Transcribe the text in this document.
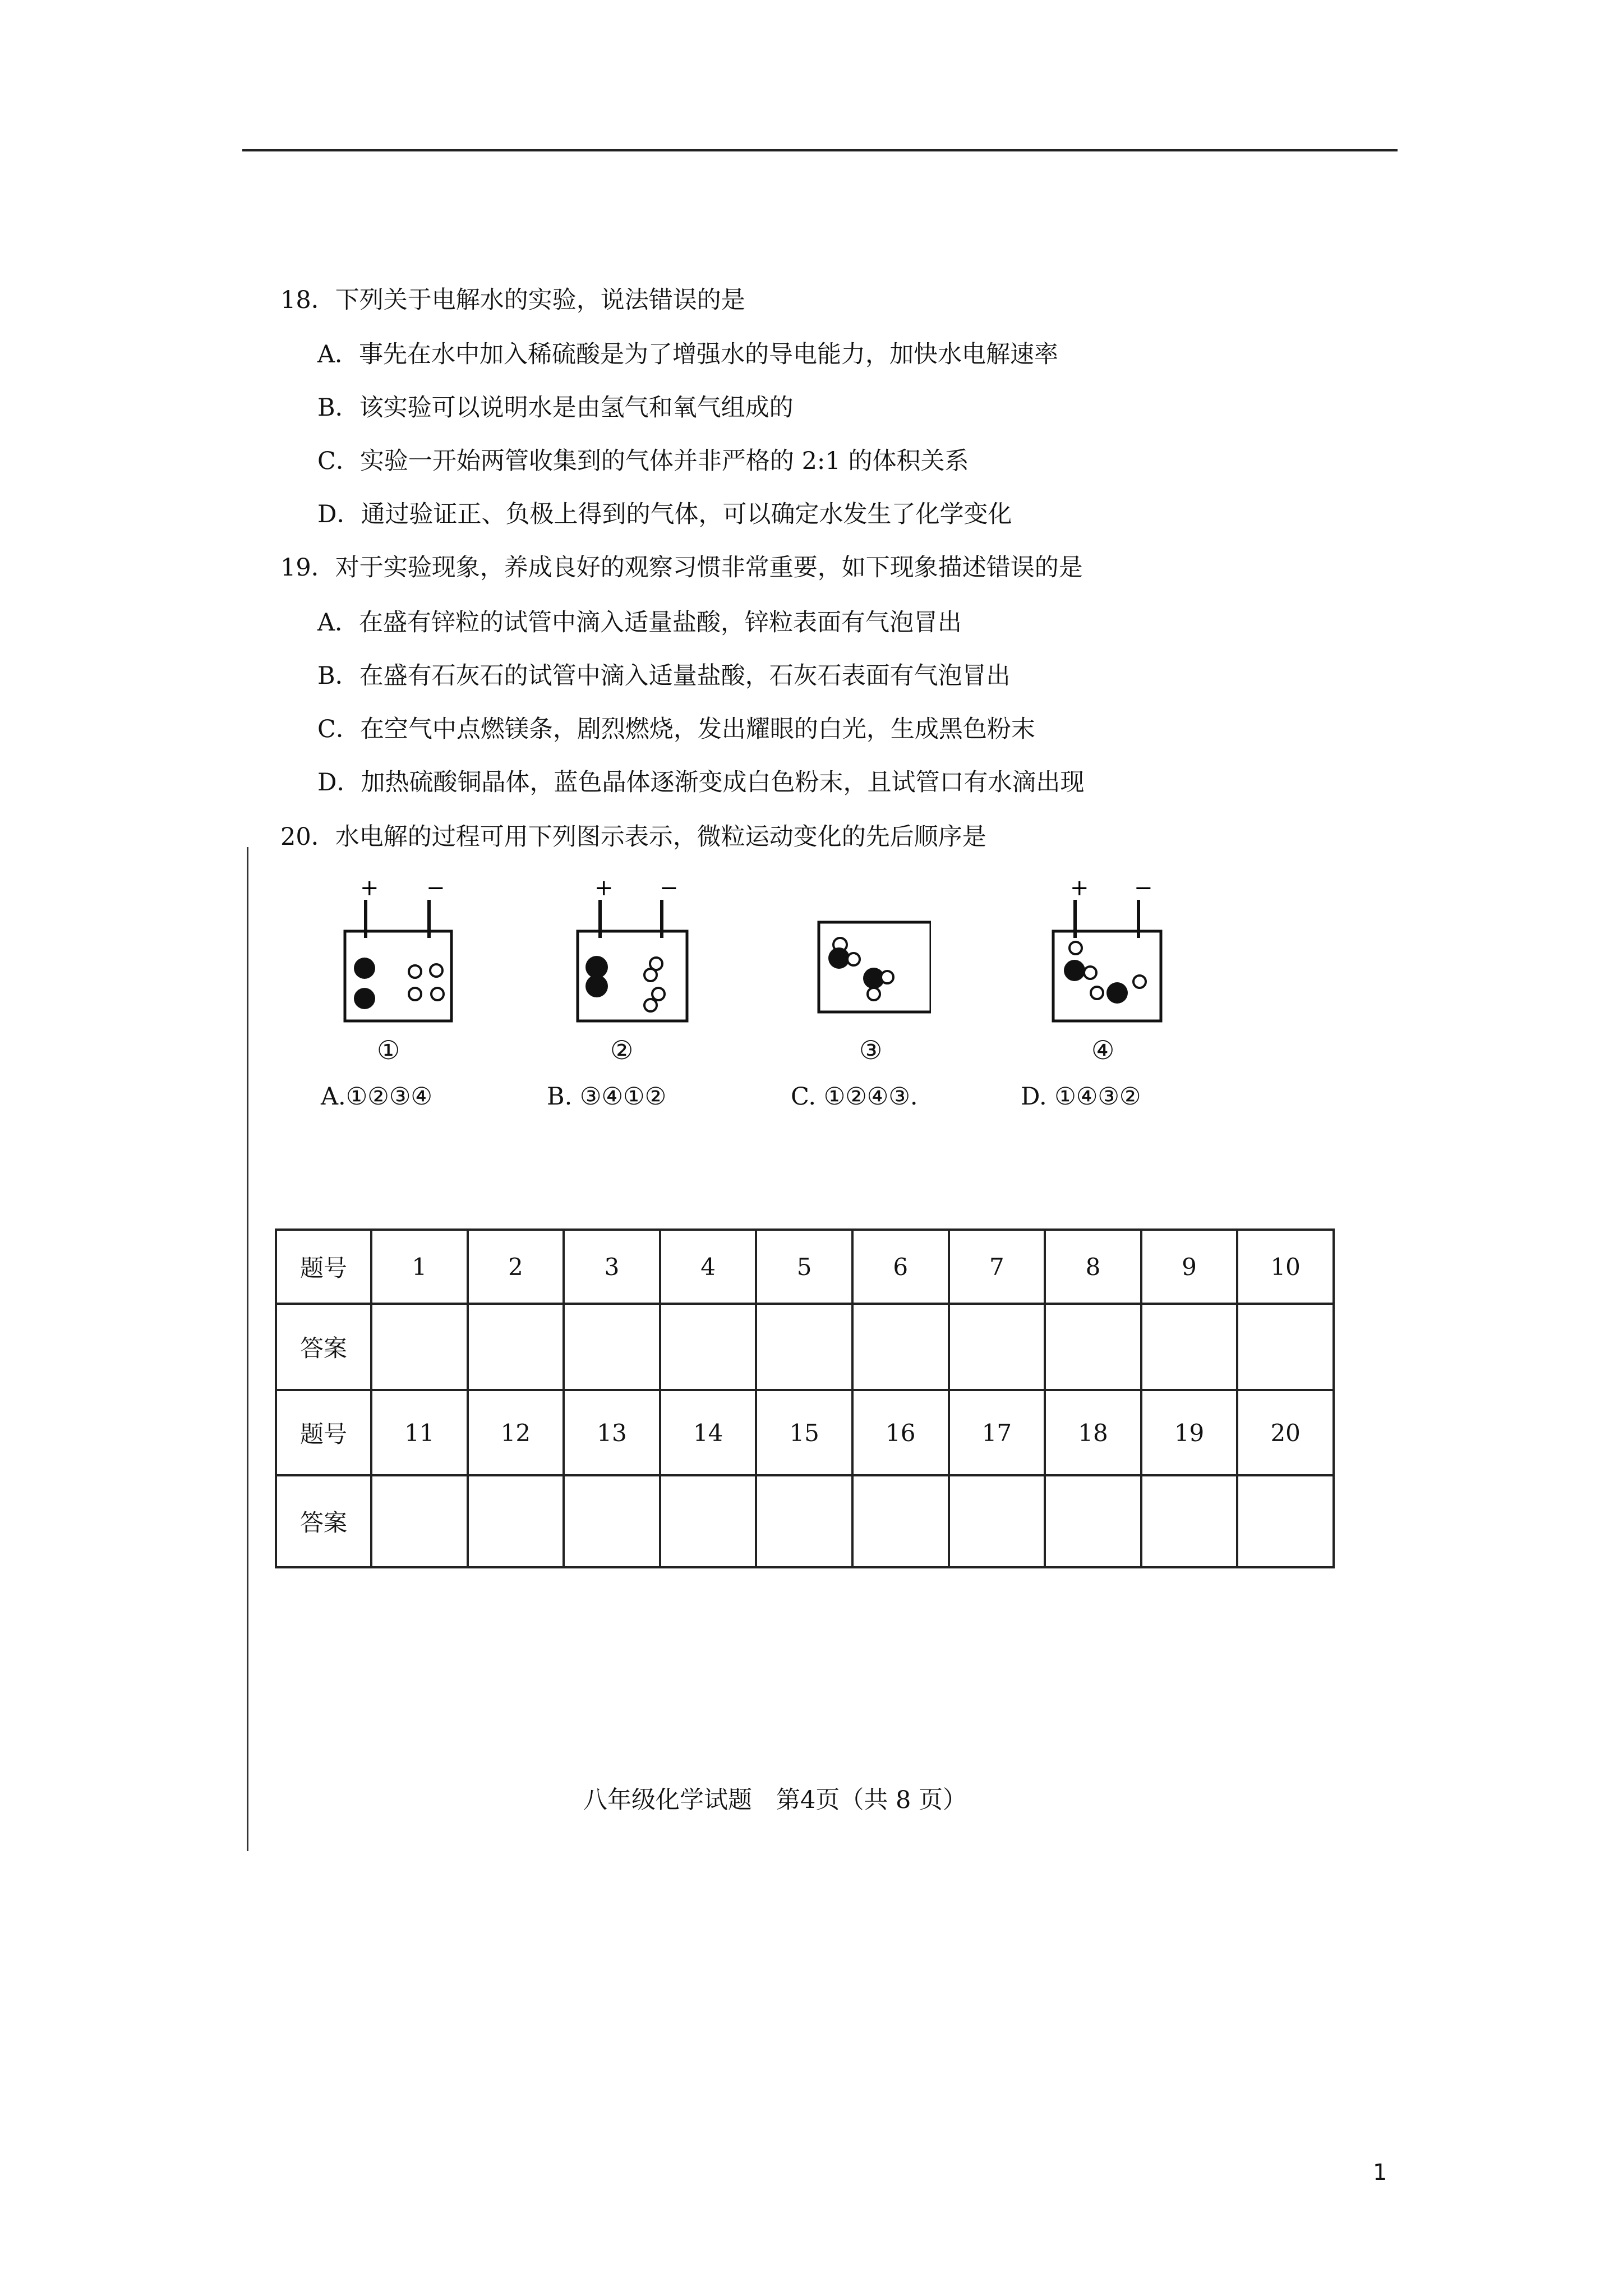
18．下列关于电解水的实验，说法错误的是
A．事先在水中加入稀硫酸是为了增强水的导电能力，加快水电解速率
B．该实验可以说明水是由氢气和氧气组成的
C．实验一开始两管收集到的气体并非严格的 2:1 的体积关系
D．通过验证正、负极上得到的气体，可以确定水发生了化学变化
19．对于实验现象，养成良好的观察习惯非常重要，如下现象描述错误的是
A．在盛有锌粒的试管中滴入适量盐酸，锌粒表面有气泡冒出
B．在盛有石灰石的试管中滴入适量盐酸，石灰石表面有气泡冒出
C．在空气中点燃镁条，剧烈燃烧，发出耀眼的白光，生成黑色粉末
D．加热硫酸铜晶体，蓝色晶体逐渐变成白色粉末，且试管口有水滴出现
20．水电解的过程可用下列图示表示，微粒运动变化的先后顺序是
+ −
①
+ −
②	③
+ −
④
A.①②③④	B. ③④①②	C. ①②④③.	D. ①④③②
题号	1	2	3	4	5	6	7	8	9	10
答案										
题号	11	12	13	14	15	16	17	18	19	20
答案										
八年级化学试题　第4页（共 8 页）
1
